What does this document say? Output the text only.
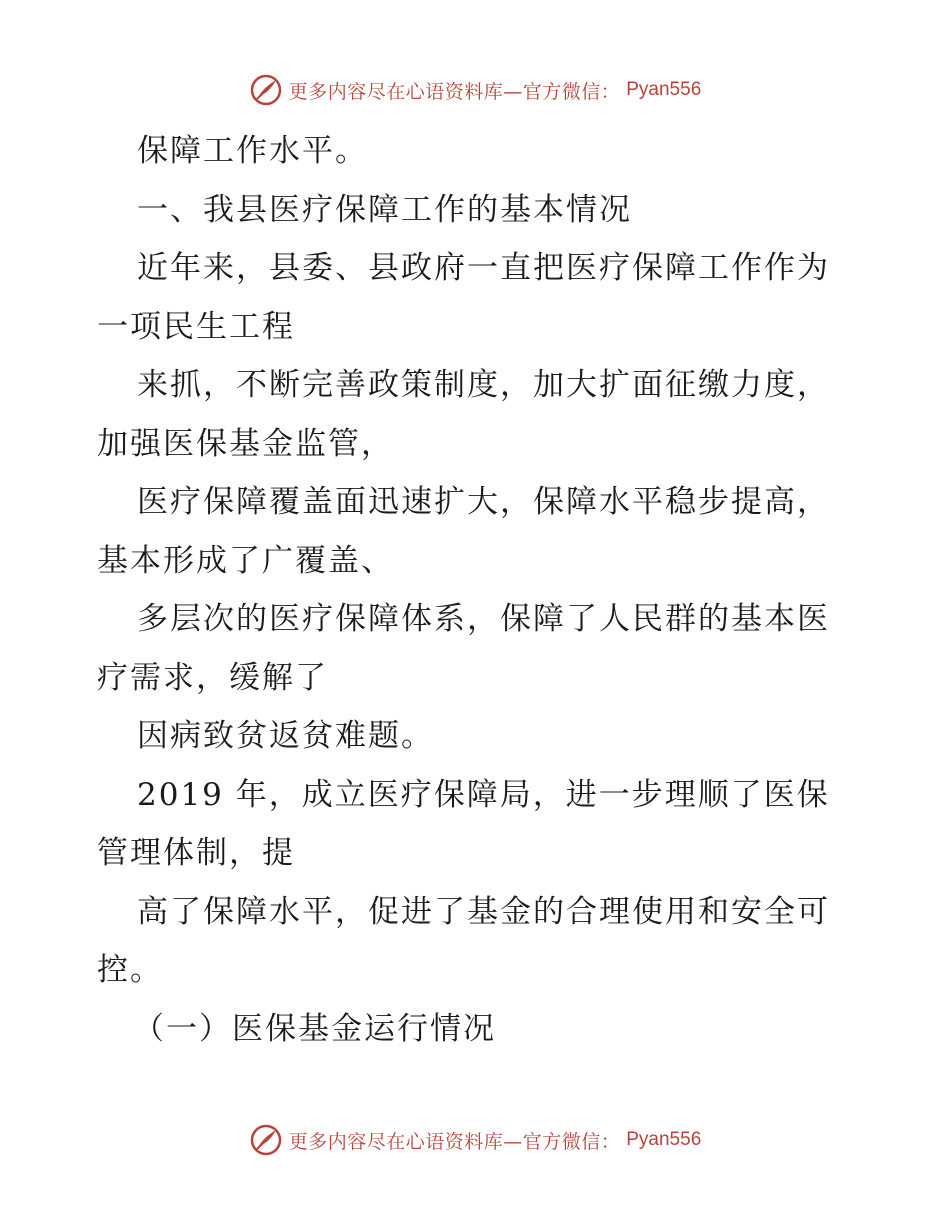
更多内容尽在心语资料库—官方微信： Pyan556
保障工作水平。
一、我县医疗保障工作的基本情况
近年来，县委、县政府一直把医疗保障工作作为
一项民生工程
来抓，不断完善政策制度，加大扩面征缴力度，
加强医保基金监管，
医疗保障覆盖面迅速扩大，保障水平稳步提高，
基本形成了广覆盖、
多层次的医疗保障体系，保障了人民群的基本医
疗需求，缓解了
因病致贫返贫难题。
2019 年，成立医疗保障局，进一步理顺了医保
管理体制，提
高了保障水平，促进了基金的合理使用和安全可
控。
（一）医保基金运行情况
更多内容尽在心语资料库—官方微信： Pyan556
